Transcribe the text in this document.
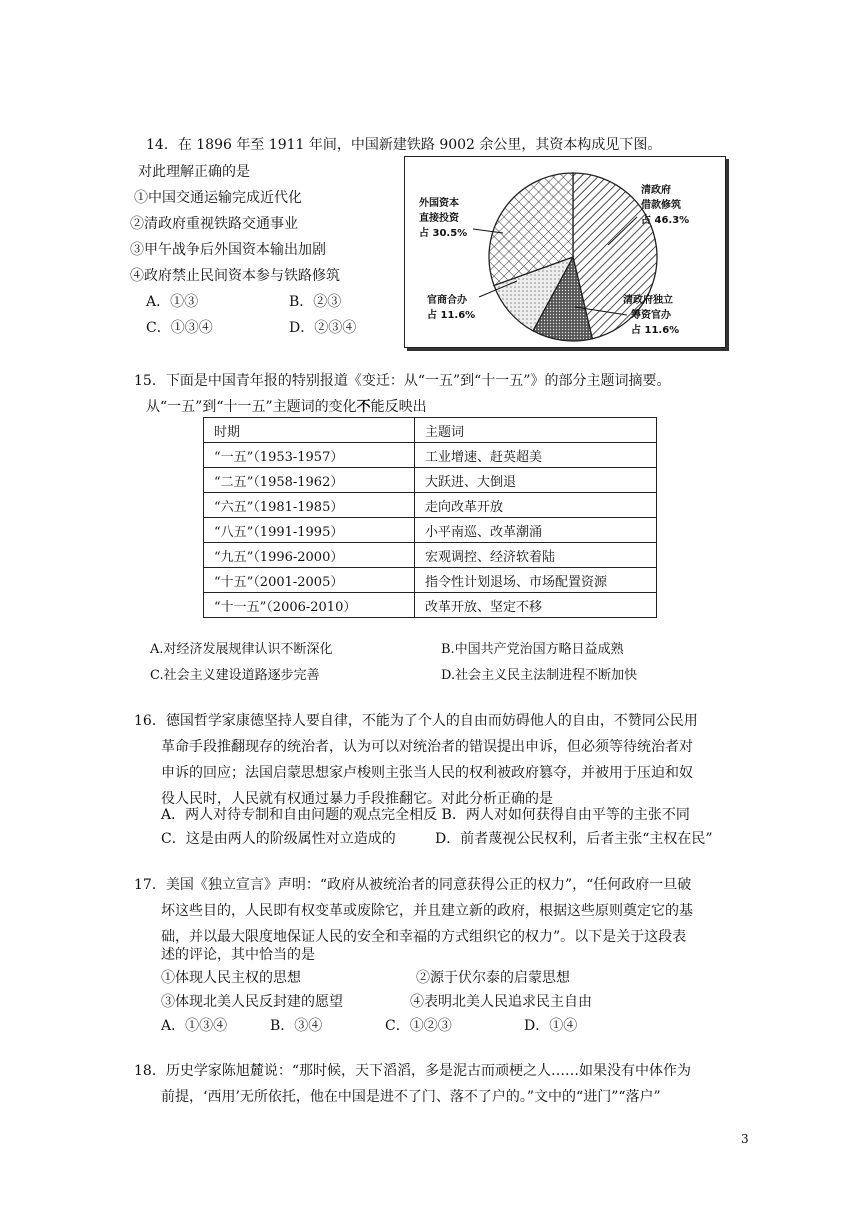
14．在 1896 年至 1911 年间，中国新建铁路 9002 余公里，其资本构成见下图。
对此理解正确的是
①中国交通运输完成近代化
②清政府重视铁路交通事业
③甲午战争后外国资本输出加剧
④政府禁止民间资本参与铁路修筑
A．①③	B．②③
C．①③④	D．②③④
清政府
借款修筑
占 46.3%
外国资本
直接投资
占 30.5%
官商合办
占 11.6%
清政府独立
筹资官办
占 11.6%
15．下面是中国青年报的特别报道《变迁：从“一五”到“十一五”》的部分主题词摘要。
从“一五”到“十一五”主题词的变化不能反映出
时期	主题词
“一五”（1953-1957）	工业增速、赶英超美
“二五”（1958-1962）	大跃进、大倒退
“六五”（1981-1985）	走向改革开放
“八五”（1991-1995）	小平南巡、改革潮涌
“九五”（1996-2000）	宏观调控、经济软着陆
“十五”（2001-2005）	指令性计划退场、市场配置资源
“十一五”（2006-2010）	改革开放、坚定不移
A.对经济发展规律认识不断深化	B.中国共产党治国方略日益成熟
C.社会主义建设道路逐步完善	D.社会主义民主法制进程不断加快
16．德国哲学家康德坚持人要自律，不能为了个人的自由而妨碍他人的自由，不赞同公民用
革命手段推翻现存的统治者，认为可以对统治者的错误提出申诉，但必须等待统治者对
申诉的回应；法国启蒙思想家卢梭则主张当人民的权利被政府篡夺，并被用于压迫和奴
役人民时，人民就有权通过暴力手段推翻它。对此分析正确的是
A．两人对待专制和自由问题的观点完全相反 B．两人对如何获得自由平等的主张不同
C．这是由两人的阶级属性对立造成的	D．前者蔑视公民权利，后者主张“主权在民”
17．美国《独立宣言》声明：“政府从被统治者的同意获得公正的权力”，“任何政府一旦破
坏这些目的，人民即有权变革或废除它，并且建立新的政府，根据这些原则奠定它的基
础，并以最大限度地保证人民的安全和幸福的方式组织它的权力”。以下是关于这段表
述的评论，其中恰当的是
①体现人民主权的思想	②源于伏尔泰的启蒙思想
③体现北美人民反封建的愿望	④表明北美人民追求民主自由
A．①③④	B．③④	C．①②③	D．①④
18．历史学家陈旭麓说：“那时候，天下滔滔，多是泥古而顽梗之人……如果没有中体作为
前提，‘西用’无所依托，他在中国是进不了门、落不了户的。”文中的“进门”“落户”
3
